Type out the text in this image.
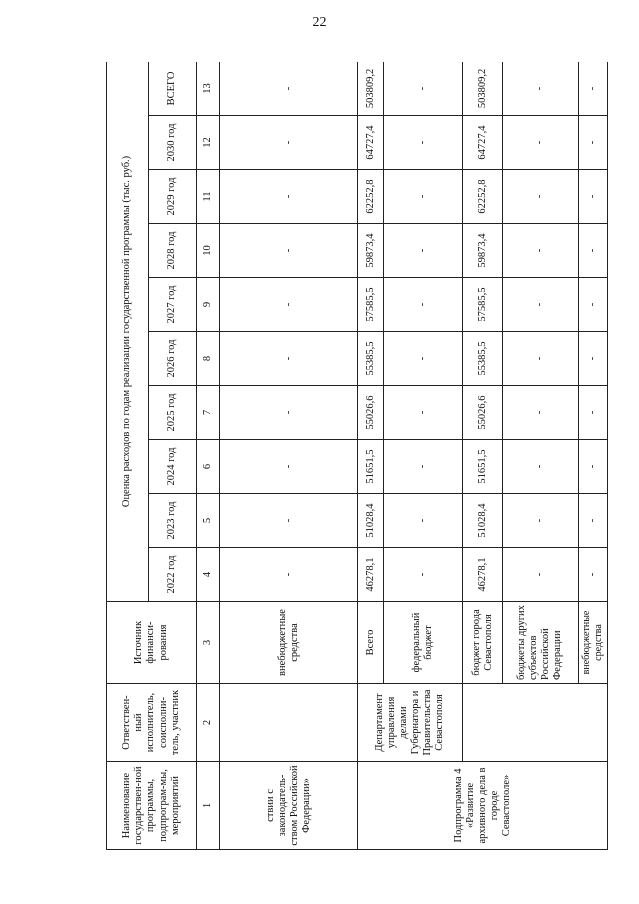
22
Наименование государствен-ной программы, подпрограм-мы, мероприятий	Ответствен-ный исполнитель, соисполни-тель, участник	Источник финанси-рования	Оценка расходов по годам реализации государственной программы (тыс. руб.)									
			2022 год	2023 год	2024 год	2025 год	2026 год	2027 год	2028 год	2029 год	2030 год	ВСЕГО
1	2	3	4	5	6	7	8	9	10	11	12	13
ствии с законодатель-ством Российской Федерации»		внебюджетные средства	-	-	-	-	-	-	-	-	-	-
Подпрограмма 4 «Развитие архивного дела в городе Севастополе»	Департамент управления делами Губернатора и Правительства Севастополя	Всего	46278,1	51028,4	51651,5	55026,6	55385,5	57585,5	59873,4	62252,8	64727,4	503809,2
		федеральный бюджет	-	-	-	-	-	-	-	-	-	-
		бюджет города Севастополя	46278,1	51028,4	51651,5	55026,6	55385,5	57585,5	59873,4	62252,8	64727,4	503809,2
		бюджеты других субъектов Российской Федерации	-	-	-	-	-	-	-	-	-	-
		внебюджетные средства	-	-	-	-	-	-	-	-	-	-
